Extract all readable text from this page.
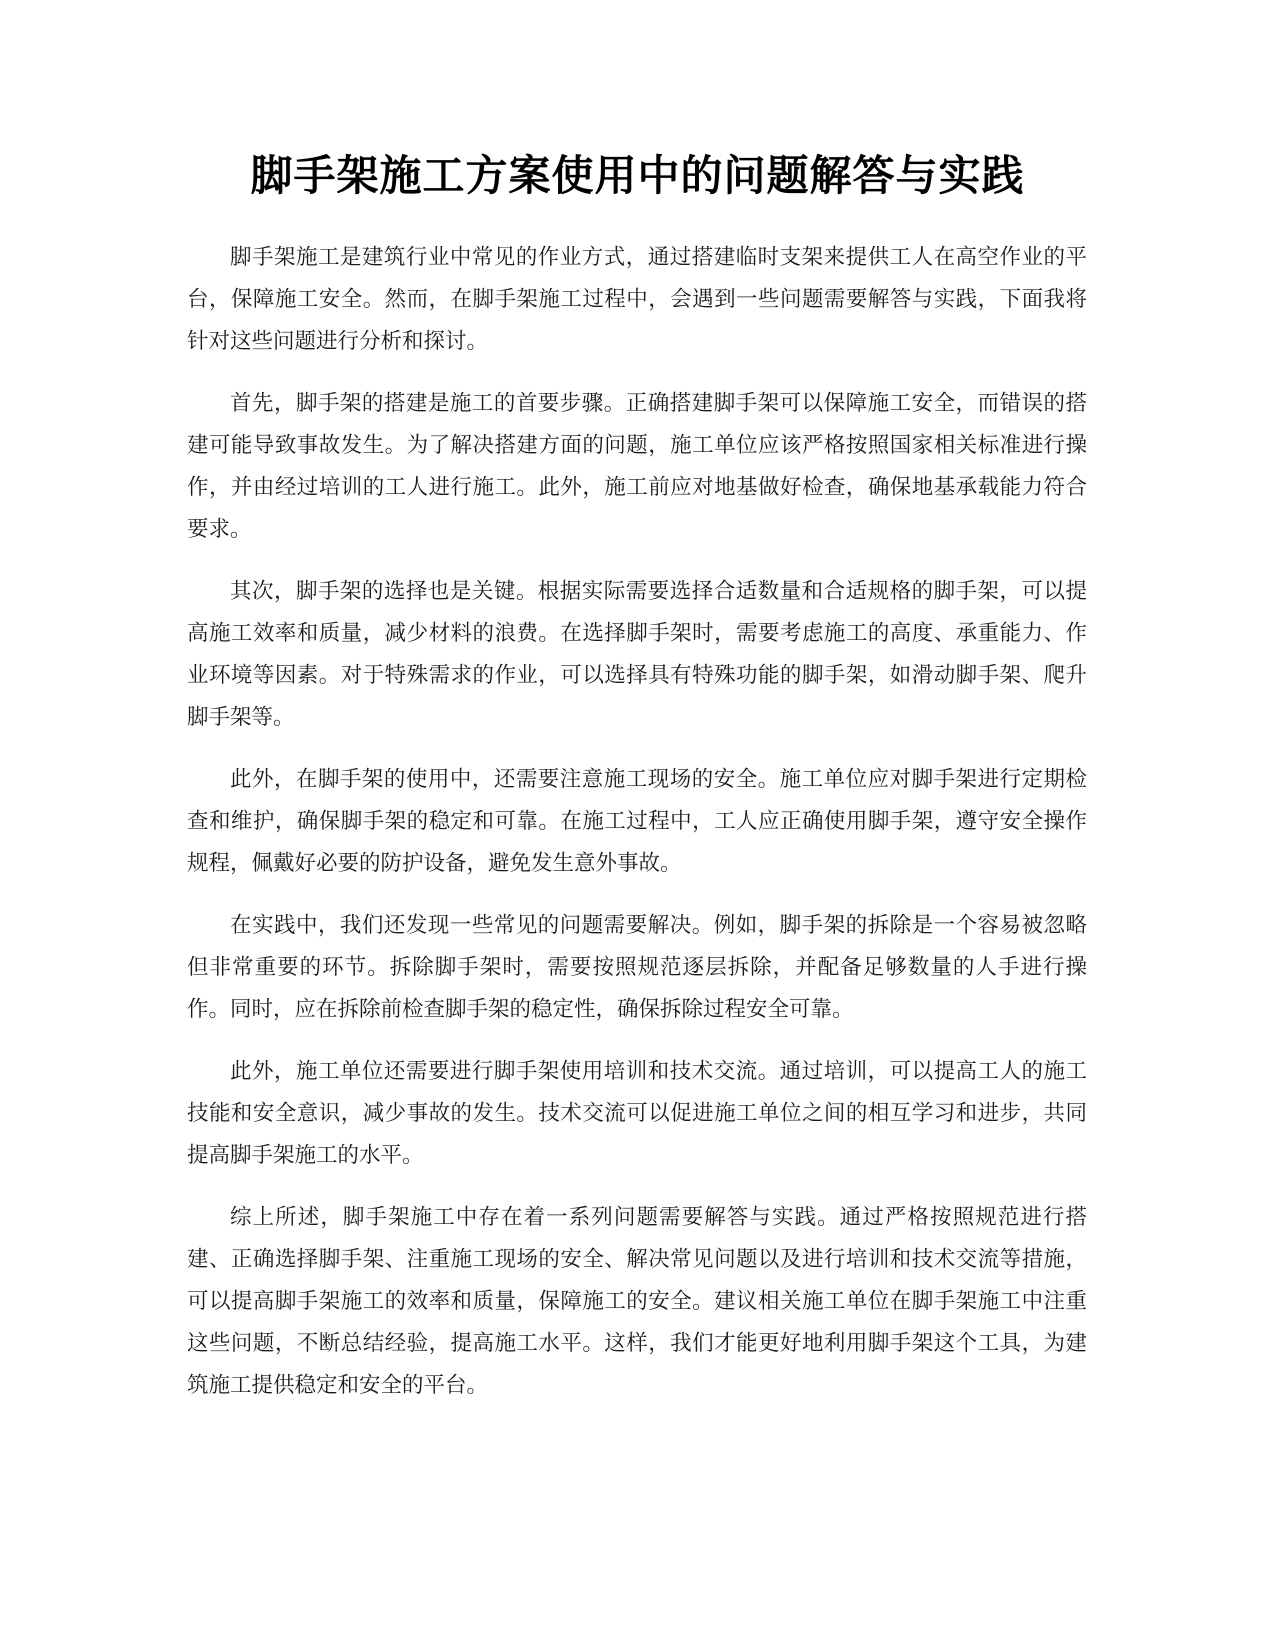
脚手架施工方案使用中的问题解答与实践

脚手架施工是建筑行业中常见的作业方式，通过搭建临时支架来提供工人在高空作业的平台，保障施工安全。然而，在脚手架施工过程中，会遇到一些问题需要解答与实践，下面我将针对这些问题进行分析和探讨。

首先，脚手架的搭建是施工的首要步骤。正确搭建脚手架可以保障施工安全，而错误的搭建可能导致事故发生。为了解决搭建方面的问题，施工单位应该严格按照国家相关标准进行操作，并由经过培训的工人进行施工。此外，施工前应对地基做好检查，确保地基承载能力符合要求。

其次，脚手架的选择也是关键。根据实际需要选择合适数量和合适规格的脚手架，可以提高施工效率和质量，减少材料的浪费。在选择脚手架时，需要考虑施工的高度、承重能力、作业环境等因素。对于特殊需求的作业，可以选择具有特殊功能的脚手架，如滑动脚手架、爬升脚手架等。

此外，在脚手架的使用中，还需要注意施工现场的安全。施工单位应对脚手架进行定期检查和维护，确保脚手架的稳定和可靠。在施工过程中，工人应正确使用脚手架，遵守安全操作规程，佩戴好必要的防护设备，避免发生意外事故。

在实践中，我们还发现一些常见的问题需要解决。例如，脚手架的拆除是一个容易被忽略但非常重要的环节。拆除脚手架时，需要按照规范逐层拆除，并配备足够数量的人手进行操作。同时，应在拆除前检查脚手架的稳定性，确保拆除过程安全可靠。

此外，施工单位还需要进行脚手架使用培训和技术交流。通过培训，可以提高工人的施工技能和安全意识，减少事故的发生。技术交流可以促进施工单位之间的相互学习和进步，共同提高脚手架施工的水平。

综上所述，脚手架施工中存在着一系列问题需要解答与实践。通过严格按照规范进行搭建、正确选择脚手架、注重施工现场的安全、解决常见问题以及进行培训和技术交流等措施，可以提高脚手架施工的效率和质量，保障施工的安全。建议相关施工单位在脚手架施工中注重这些问题，不断总结经验，提高施工水平。这样，我们才能更好地利用脚手架这个工具，为建筑施工提供稳定和安全的平台。
